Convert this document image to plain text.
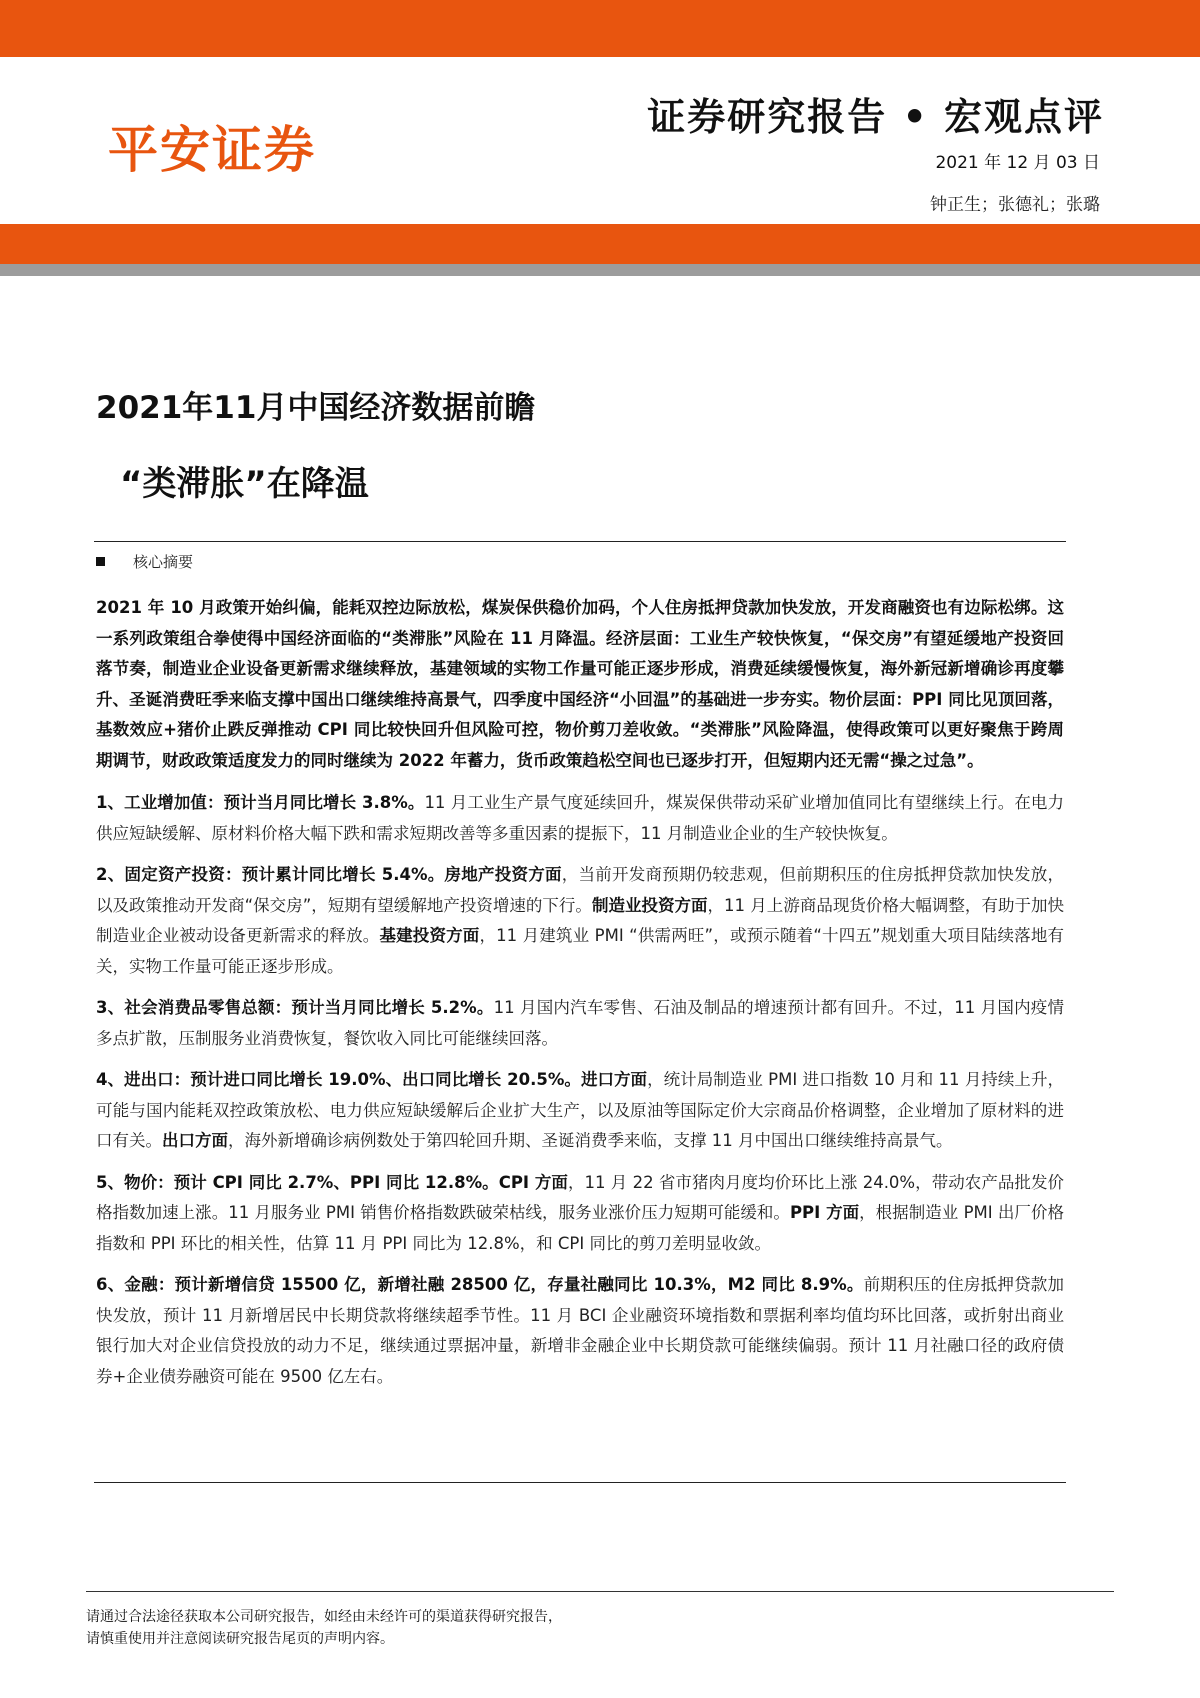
平安证券
证券研究报告 • 宏观点评
2021 年 12 月 03 日
钟正生；张德礼；张璐
2021年11月中国经济数据前瞻
“类滞胀”在降温
核心摘要

2021 年 10 月政策开始纠偏，能耗双控边际放松，煤炭保供稳价加码，个人住房抵押贷款加快发放，开发商融资也有边际松绑。这一系列政策组合拳使得中国经济面临的“类滞胀”风险在 11 月降温。经济层面：工业生产较快恢复，“保交房”有望延缓地产投资回落节奏，制造业企业设备更新需求继续释放，基建领域的实物工作量可能正逐步形成，消费延续缓慢恢复，海外新冠新增确诊再度攀升、圣诞消费旺季来临支撑中国出口继续维持高景气，四季度中国经济“小回温”的基础进一步夯实。物价层面：PPI 同比见顶回落，基数效应+猪价止跌反弹推动 CPI 同比较快回升但风险可控，物价剪刀差收敛。“类滞胀”风险降温，使得政策可以更好聚焦于跨周期调节，财政政策适度发力的同时继续为 2022 年蓄力，货币政策趋松空间也已逐步打开，但短期内还无需“操之过急”。

1、工业增加值：预计当月同比增长 3.8%。11 月工业生产景气度延续回升，煤炭保供带动采矿业增加值同比有望继续上行。在电力供应短缺缓解、原材料价格大幅下跌和需求短期改善等多重因素的提振下，11 月制造业企业的生产较快恢复。

2、固定资产投资：预计累计同比增长 5.4%。房地产投资方面，当前开发商预期仍较悲观，但前期积压的住房抵押贷款加快发放，以及政策推动开发商“保交房”，短期有望缓解地产投资增速的下行。制造业投资方面，11 月上游商品现货价格大幅调整，有助于加快制造业企业被动设备更新需求的释放。基建投资方面，11 月建筑业 PMI “供需两旺”，或预示随着“十四五”规划重大项目陆续落地有关，实物工作量可能正逐步形成。

3、社会消费品零售总额：预计当月同比增长 5.2%。11 月国内汽车零售、石油及制品的增速预计都有回升。不过，11 月国内疫情多点扩散，压制服务业消费恢复，餐饮收入同比可能继续回落。

4、进出口：预计进口同比增长 19.0%、出口同比增长 20.5%。进口方面，统计局制造业 PMI 进口指数 10 月和 11 月持续上升，可能与国内能耗双控政策放松、电力供应短缺缓解后企业扩大生产，以及原油等国际定价大宗商品价格调整，企业增加了原材料的进口有关。出口方面，海外新增确诊病例数处于第四轮回升期、圣诞消费季来临，支撑 11 月中国出口继续维持高景气。

5、物价：预计 CPI 同比 2.7%、PPI 同比 12.8%。CPI 方面，11 月 22 省市猪肉月度均价环比上涨 24.0%，带动农产品批发价格指数加速上涨。11 月服务业 PMI 销售价格指数跌破荣枯线，服务业涨价压力短期可能缓和。PPI 方面，根据制造业 PMI 出厂价格指数和 PPI 环比的相关性，估算 11 月 PPI 同比为 12.8%，和 CPI 同比的剪刀差明显收敛。

6、金融：预计新增信贷 15500 亿，新增社融 28500 亿，存量社融同比 10.3%，M2 同比 8.9%。前期积压的住房抵押贷款加快发放，预计 11 月新增居民中长期贷款将继续超季节性。11 月 BCI 企业融资环境指数和票据利率均值均环比回落，或折射出商业银行加大对企业信贷投放的动力不足，继续通过票据冲量，新增非金融企业中长期贷款可能继续偏弱。预计 11 月社融口径的政府债券+企业债券融资可能在 9500 亿左右。

请通过合法途径获取本公司研究报告，如经由未经许可的渠道获得研究报告，
请慎重使用并注意阅读研究报告尾页的声明内容。
